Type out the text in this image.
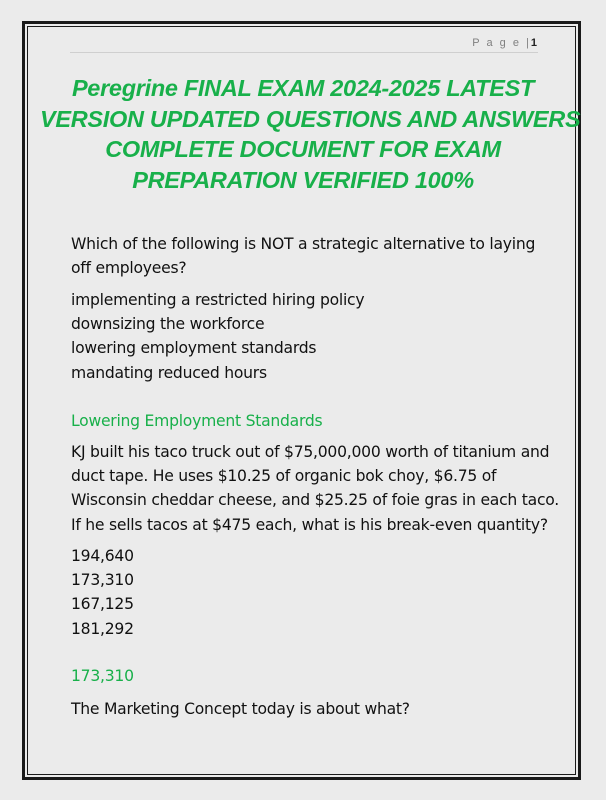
P a g e |1
Peregrine FINAL EXAM 2024-2025 LATEST
VERSION UPDATED QUESTIONS AND ANSWERS
COMPLETE DOCUMENT FOR EXAM
PREPARATION VERIFIED 100%
Which of the following is NOT a strategic alternative to laying
off employees?
implementing a restricted hiring policy
downsizing the workforce
lowering employment standards
mandating reduced hours
Lowering Employment Standards
KJ built his taco truck out of $75,000,000 worth of titanium and
duct tape. He uses $10.25 of organic bok choy, $6.75 of
Wisconsin cheddar cheese, and $25.25 of foie gras in each taco.
If he sells tacos at $475 each, what is his break-even quantity?
194,640
173,310
167,125
181,292
173,310
The Marketing Concept today is about what?
